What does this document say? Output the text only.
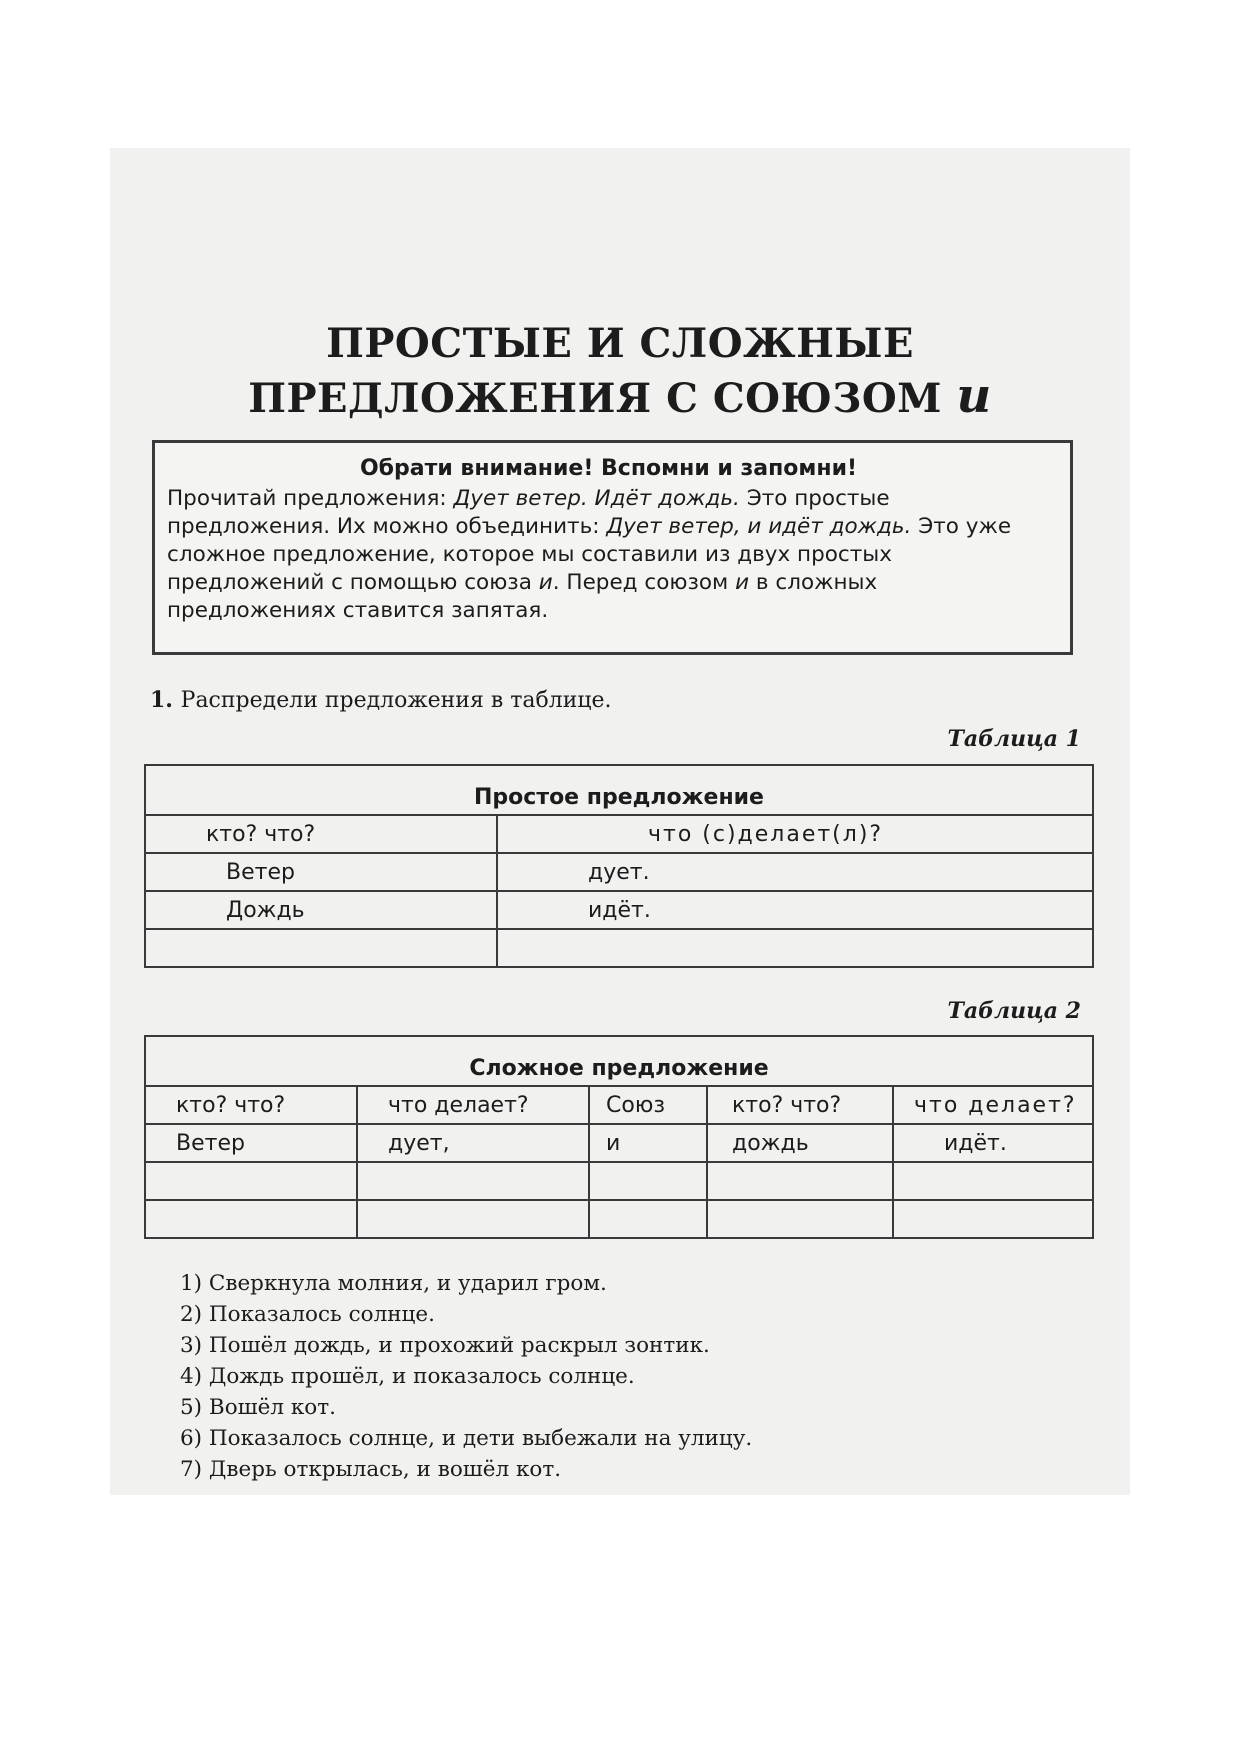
ПРОСТЫЕ И СЛОЖНЫЕ
ПРЕДЛОЖЕНИЯ С СОЮЗОМ и
Обрати внимание! Вспомни и запомни!

Прочитай предложения: Дует ветер. Идёт дождь. Это простые предложения. Их можно объединить: Дует ветер, и идёт дождь. Это уже сложное предложение, которое мы составили из двух простых предложений с помощью союза и. Перед союзом и в сложных предложениях ставится запятая.

1. Распредели предложения в таблице.
Таблица 1
Простое предложение	
кто? что?	что (с)делает(л)?
Ветер	дует.
Дождь	идёт.

Таблица 2
Сложное предложение				
кто? что?	что делает?	Союз	кто? что?	что делает?
Ветер	дует,	и	дождь	идёт.

1) Сверкнула молния, и ударил гром.
2) Показалось солнце.
3) Пошёл дождь, и прохожий раскрыл зонтик.
4) Дождь прошёл, и показалось солнце.
5) Вошёл кот.
6) Показалось солнце, и дети выбежали на улицу.
7) Дверь открылась, и вошёл кот.
